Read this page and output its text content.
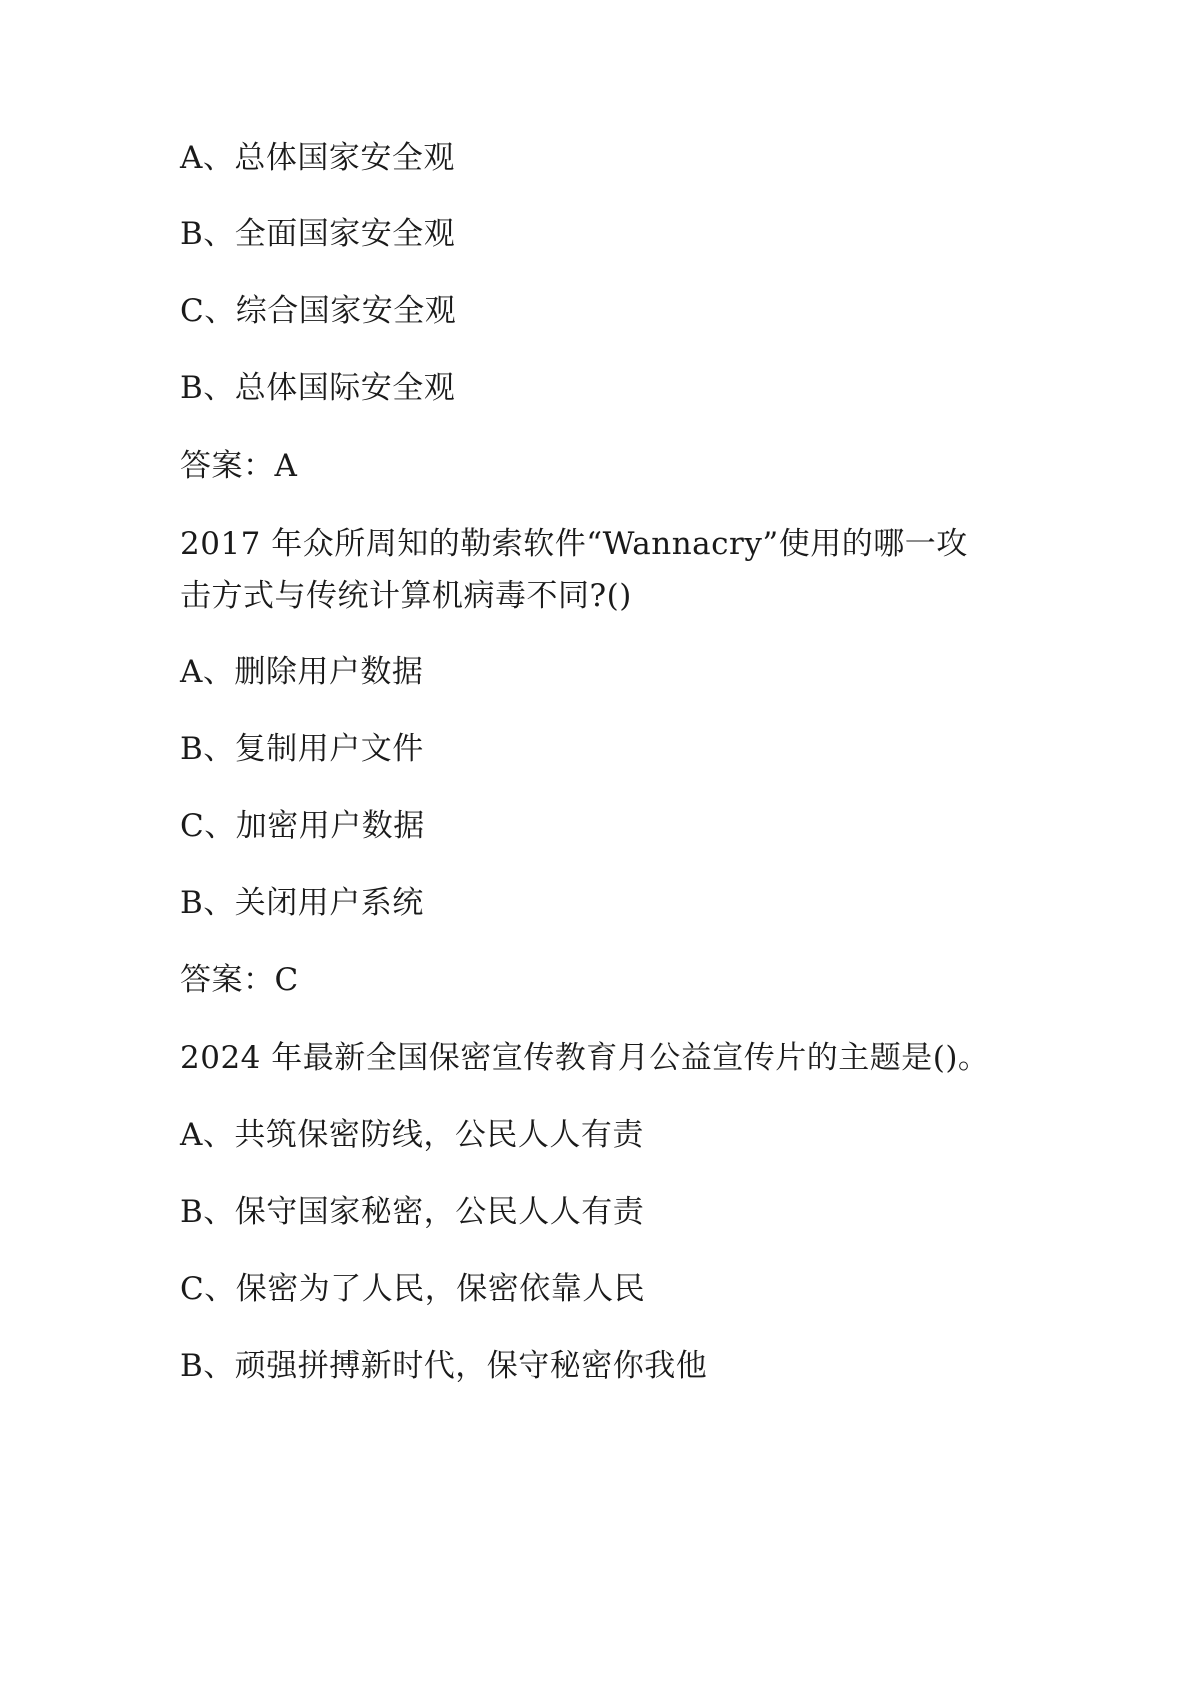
A、总体国家安全观
B、全面国家安全观
C、综合国家安全观
B、总体国际安全观
答案：A
2017 年众所周知的勒索软件“Wannacry”使用的哪一攻
击方式与传统计算机病毒不同?()
A、删除用户数据
B、复制用户文件
C、加密用户数据
B、关闭用户系统
答案：C
2024 年最新全国保密宣传教育月公益宣传片的主题是()。
A、共筑保密防线，公民人人有责
B、保守国家秘密，公民人人有责
C、保密为了人民，保密依靠人民
B、顽强拼搏新时代，保守秘密你我他
